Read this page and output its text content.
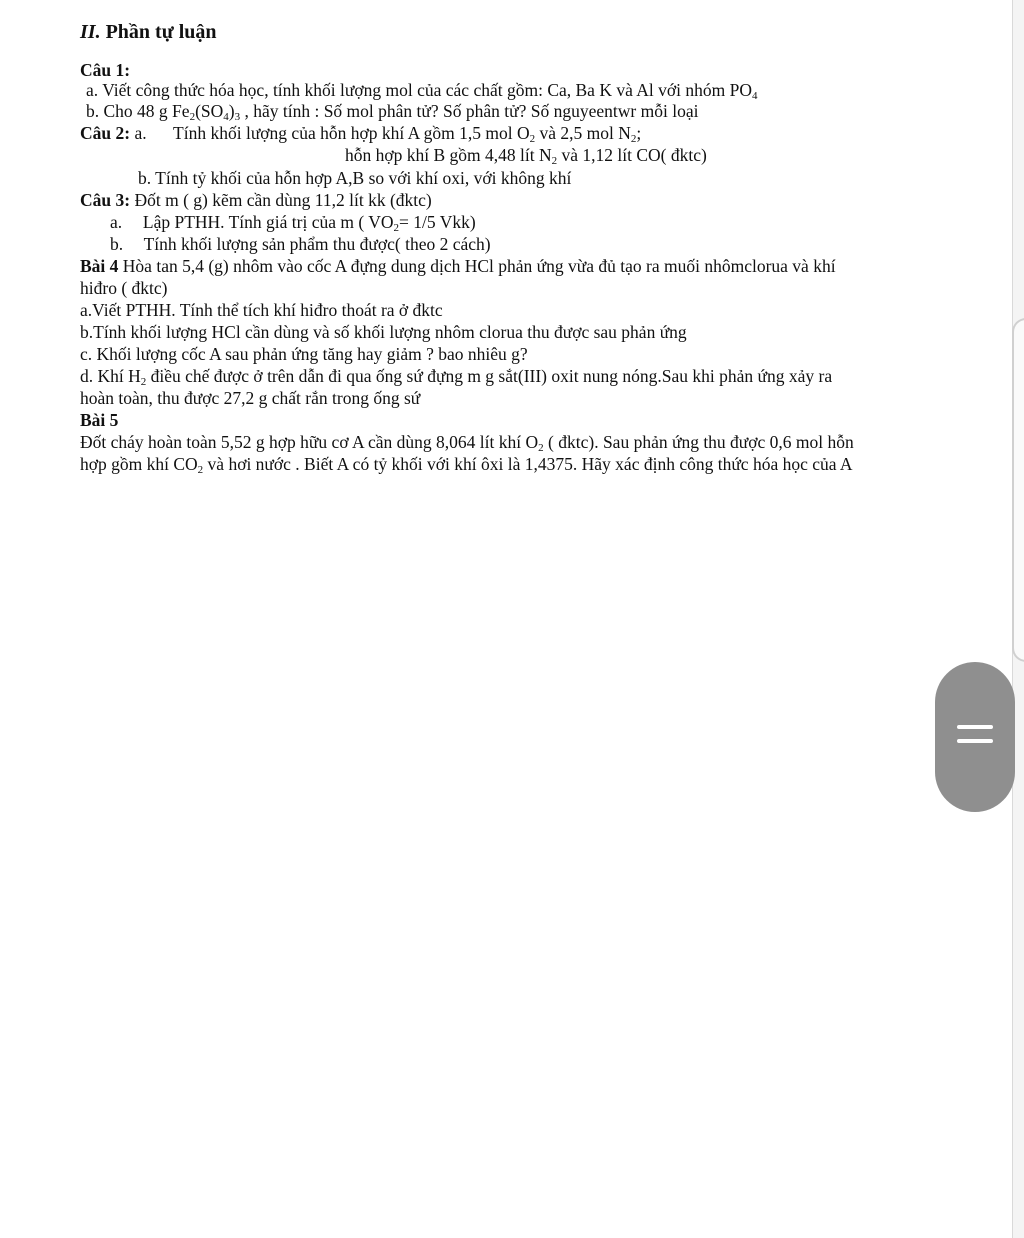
II. Phần tự luận
Câu 1:
a. Viết công thức hóa học, tính khối lượng mol của các chất gồm: Ca, Ba K và Al với nhóm $PO_4$
b. Cho 48 g $Fe_2(SO_4)_3$ , hãy tính : Số mol phân tử? Số phân tử? Số nguyeentwr mỗi loại
Câu 2: a. Tính khối lượng của hỗn hợp khí A gồm 1,5 mol $O_2$ và 2,5 mol $N_2$;
hỗn hợp khí B gồm 4,48 lít $N_2$ và 1,12 lít CO( đktc)
b. Tính tỷ khối của hỗn hợp A,B so với khí oxi, với không khí
Câu 3: Đốt m ( g) kẽm cần dùng 11,2 lít kk (đktc)
a. Lập PTHH. Tính giá trị của m ( $VO_2= 1/5$ Vkk)
b. Tính khối lượng sản phẩm thu được( theo 2 cách)
Bài 4 Hòa tan 5,4 (g) nhôm vào cốc A đựng dung dịch HCl phản ứng vừa đủ tạo ra muối nhômclorua và khí
hiđro ( đktc)
a.Viết PTHH. Tính thể tích khí hiđro thoát ra ở đktc
b.Tính khối lượng HCl cần dùng và số khối lượng nhôm clorua thu được sau phản ứng
c. Khối lượng cốc A sau phản ứng tăng hay giảm ? bao nhiêu g?
d. Khí $H_2$ điều chế được ở trên dẫn đi qua ống sứ đựng m g sắt(III) oxit nung nóng.Sau khi phản ứng xảy ra
hoàn toàn, thu được 27,2 g chất rắn trong ống sứ
Bài 5
Đốt cháy hoàn toàn 5,52 g hợp hữu cơ A cần dùng 8,064 lít khí $O_2$ ( đktc). Sau phản ứng thu được 0,6 mol hỗn
hợp gồm khí $CO_2$ và hơi nước . Biết A có tỷ khối với khí ôxi là 1,4375. Hãy xác định công thức hóa học của A
